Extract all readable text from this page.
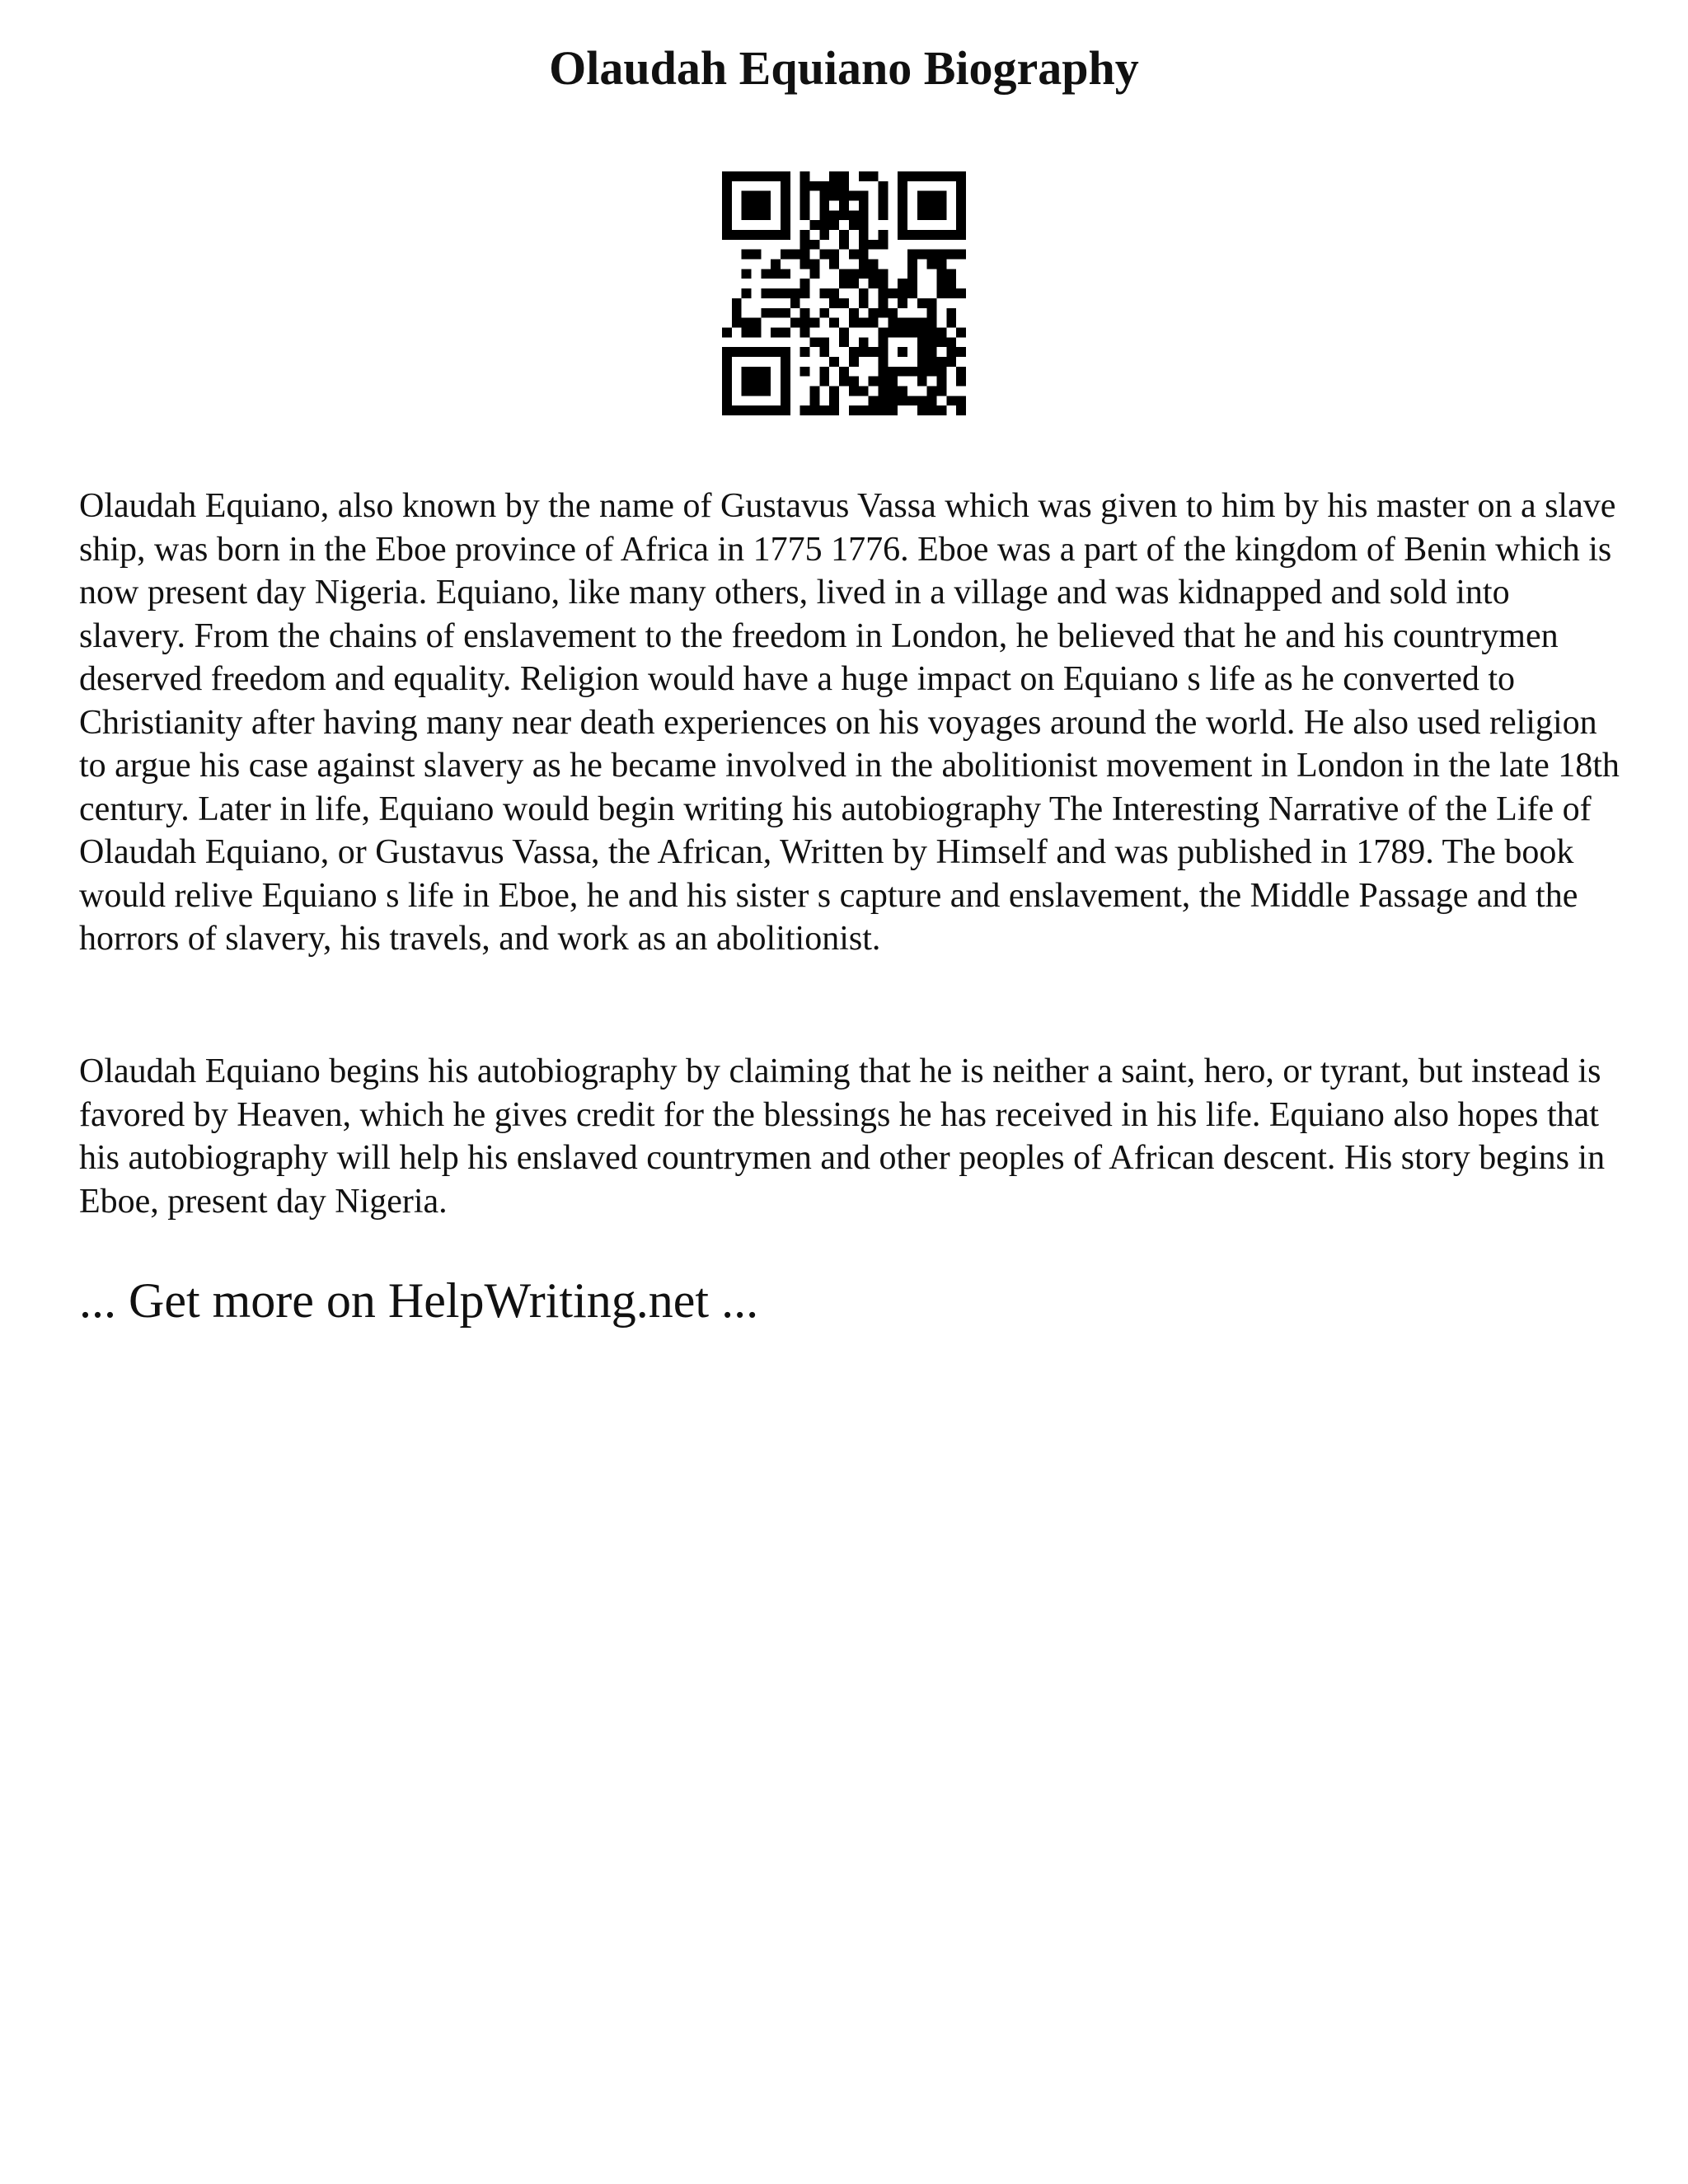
Olaudah Equiano Biography

Olaudah Equiano, also known by the name of Gustavus Vassa which was given to him by his master on a slave ship, was born in the Eboe province of Africa in 1775 1776. Eboe was a part of the kingdom of Benin which is now present day Nigeria. Equiano, like many others, lived in a village and was kidnapped and sold into slavery. From the chains of enslavement to the freedom in London, he believed that he and his countrymen deserved freedom and equality. Religion would have a huge impact on Equiano s life as he converted to Christianity after having many near death experiences on his voyages around the world. He also used religion to argue his case against slavery as he became involved in the abolitionist movement in London in the late 18th century. Later in life, Equiano would begin writing his autobiography The Interesting Narrative of the Life of Olaudah Equiano, or Gustavus Vassa, the African, Written by Himself and was published in 1789. The book would relive Equiano s life in Eboe, he and his sister s capture and enslavement, the Middle Passage and the horrors of slavery, his travels, and work as an abolitionist.

Olaudah Equiano begins his autobiography by claiming that he is neither a saint, hero, or tyrant, but instead is favored by Heaven, which he gives credit for the blessings he has received in his life. Equiano also hopes that his autobiography will help his enslaved countrymen and other peoples of African descent. His story begins in Eboe, present day Nigeria.

... Get more on HelpWriting.net ...
